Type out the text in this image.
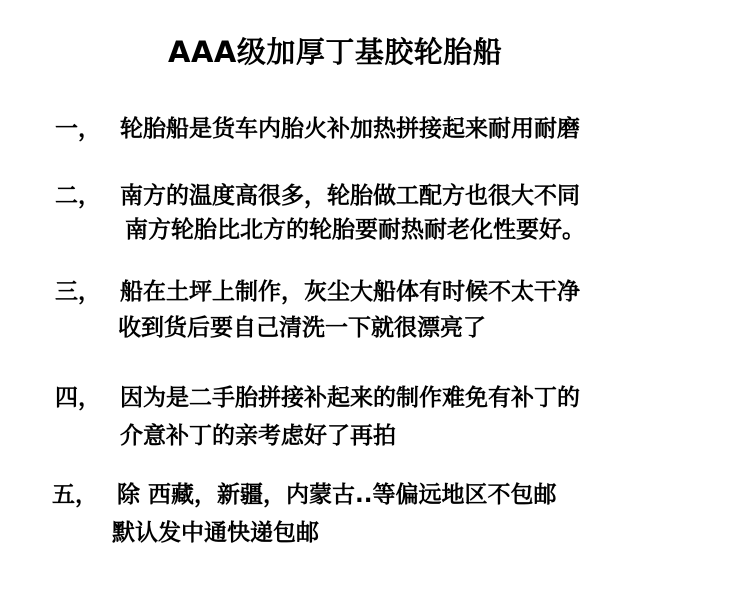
AAA级加厚丁基胶轮胎船
一， 轮胎船是货车内胎火补加热拼接起来耐用耐磨
二， 南方的温度高很多，轮胎做工配方也很大不同
南方轮胎比北方的轮胎要耐热耐老化性要好。
三， 船在土坪上制作，灰尘大船体有时候不太干净
收到货后要自己清洗一下就很漂亮了
四， 因为是二手胎拼接补起来的制作难免有补丁的
介意补丁的亲考虑好了再拍
五， 除 西藏，新疆，内蒙古..等偏远地区不包邮
默认发中通快递包邮
